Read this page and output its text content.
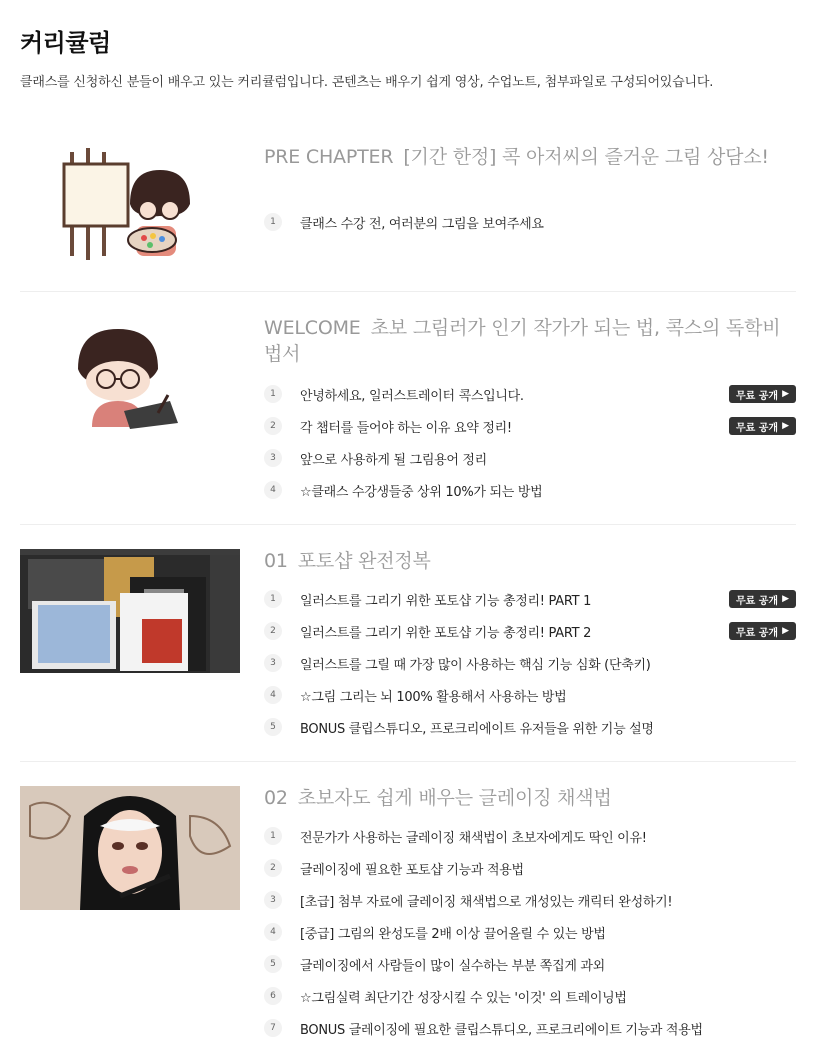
커리큘럼
클래스를 신청하신 분들이 배우고 있는 커리큘럼입니다. 콘텐츠는 배우기 쉽게 영상, 수업노트, 첨부파일로 구성되어있습니다.
PRE CHAPTER [기간 한정] 콕 아저씨의 즐거운 그림 상담소!
1	클래스 수강 전, 여러분의 그림을 보여주세요
WELCOME 초보 그림러가 인기 작가가 되는 법, 콕스의 독학비법서
1	안녕하세요, 일러스트레이터 콕스입니다.	무료 공개 ▶
2	각 챕터를 들어야 하는 이유 요약 정리!	무료 공개 ▶
3	앞으로 사용하게 될 그림용어 정리
4	☆클래스 수강생들중 상위 10%가 되는 방법
01 포토샵 완전정복
1	일러스트를 그리기 위한 포토샵 기능 총정리! PART 1	무료 공개 ▶
2	일러스트를 그리기 위한 포토샵 기능 총정리! PART 2	무료 공개 ▶
3	일러스트를 그릴 때 가장 많이 사용하는 핵심 기능 심화 (단축키)
4	☆그림 그리는 뇌 100% 활용해서 사용하는 방법
5	BONUS 클립스튜디오, 프로크리에이트 유저들을 위한 기능 설명
02 초보자도 쉽게 배우는 글레이징 채색법
1	전문가가 사용하는 글레이징 채색법이 초보자에게도 딱인 이유!
2	글레이징에 필요한 포토샵 기능과 적용법
3	[초급] 첨부 자료에 글레이징 채색법으로 개성있는 캐릭터 완성하기!
4	[중급] 그림의 완성도를 2배 이상 끌어올릴 수 있는 방법
5	글레이징에서 사람들이 많이 실수하는 부분 쪽집게 과외
6	☆그림실력 최단기간 성장시킬 수 있는 '이것' 의 트레이닝법
7	BONUS 글레이징에 필요한 클립스튜디오, 프로크리에이트 기능과 적용법
